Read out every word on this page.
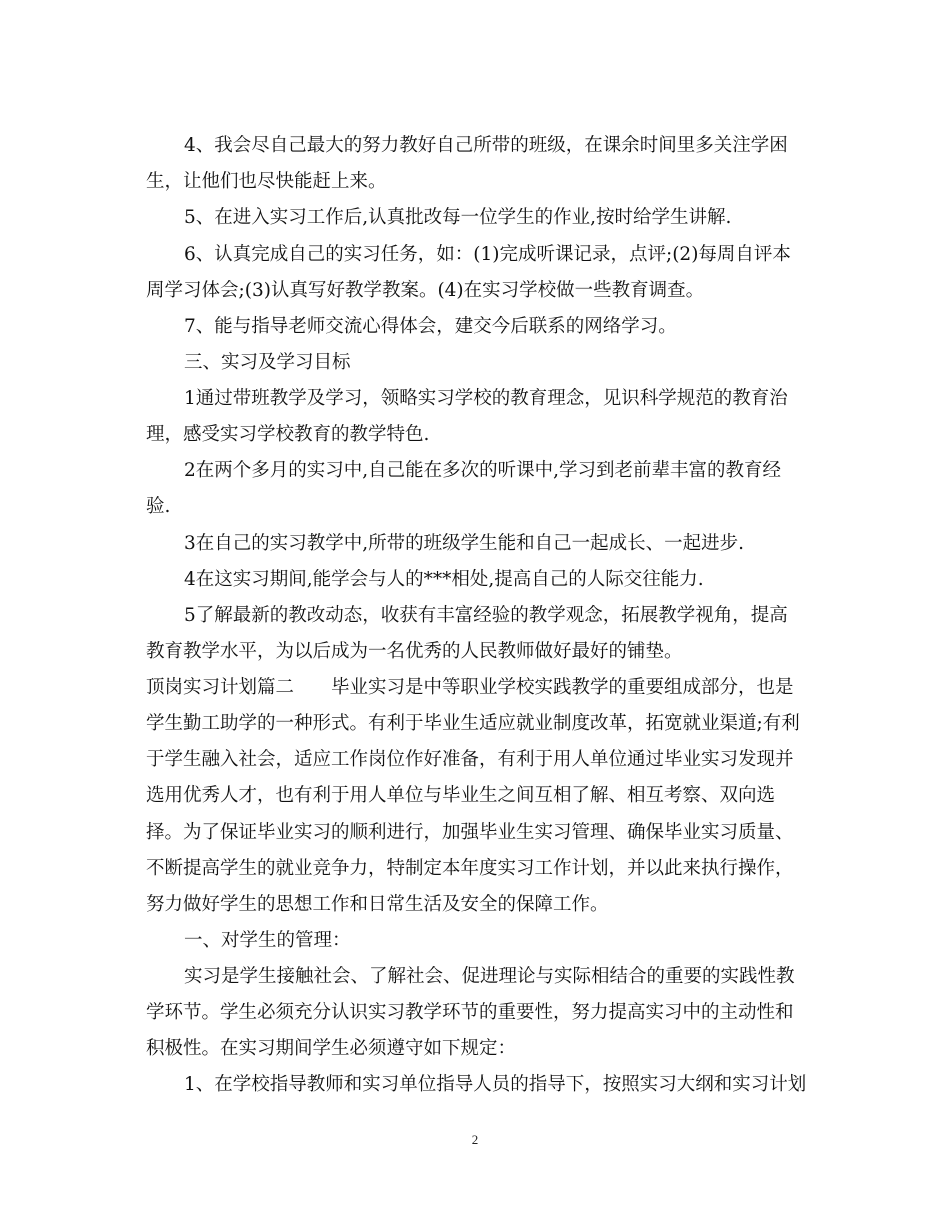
4、我会尽自己最大的努力教好自己所带的班级，在课余时间里多关注学困
生，让他们也尽快能赶上来。
5、在进入实习工作后,认真批改每一位学生的作业,按时给学生讲解.
6、认真完成自己的实习任务，如：(1)完成听课记录，点评;(2)每周自评本
周学习体会;(3)认真写好教学教案。(4)在实习学校做一些教育调查。
7、能与指导老师交流心得体会，建交今后联系的网络学习。
三、实习及学习目标
1通过带班教学及学习，领略实习学校的教育理念，见识科学规范的教育治
理，感受实习学校教育的教学特色.
2在两个多月的实习中,自己能在多次的听课中,学习到老前辈丰富的教育经
验.
3在自己的实习教学中,所带的班级学生能和自己一起成长、一起进步.
4在这实习期间,能学会与人的***相处,提高自己的人际交往能力.
5了解最新的教改动态，收获有丰富经验的教学观念，拓展教学视角，提高
教育教学水平，为以后成为一名优秀的人民教师做好最好的铺垫。
顶岗实习计划篇二　　毕业实习是中等职业学校实践教学的重要组成部分，也是
学生勤工助学的一种形式。有利于毕业生适应就业制度改革，拓宽就业渠道;有利
于学生融入社会，适应工作岗位作好准备，有利于用人单位通过毕业实习发现并
选用优秀人才，也有利于用人单位与毕业生之间互相了解、相互考察、双向选
择。为了保证毕业实习的顺利进行，加强毕业生实习管理、确保毕业实习质量、
不断提高学生的就业竞争力，特制定本年度实习工作计划，并以此来执行操作，
努力做好学生的思想工作和日常生活及安全的保障工作。
一、对学生的管理：
实习是学生接触社会、了解社会、促进理论与实际相结合的重要的实践性教
学环节。学生必须充分认识实习教学环节的重要性，努力提高实习中的主动性和
积极性。在实习期间学生必须遵守如下规定：
1、在学校指导教师和实习单位指导人员的指导下，按照实习大纲和实习计划
2
